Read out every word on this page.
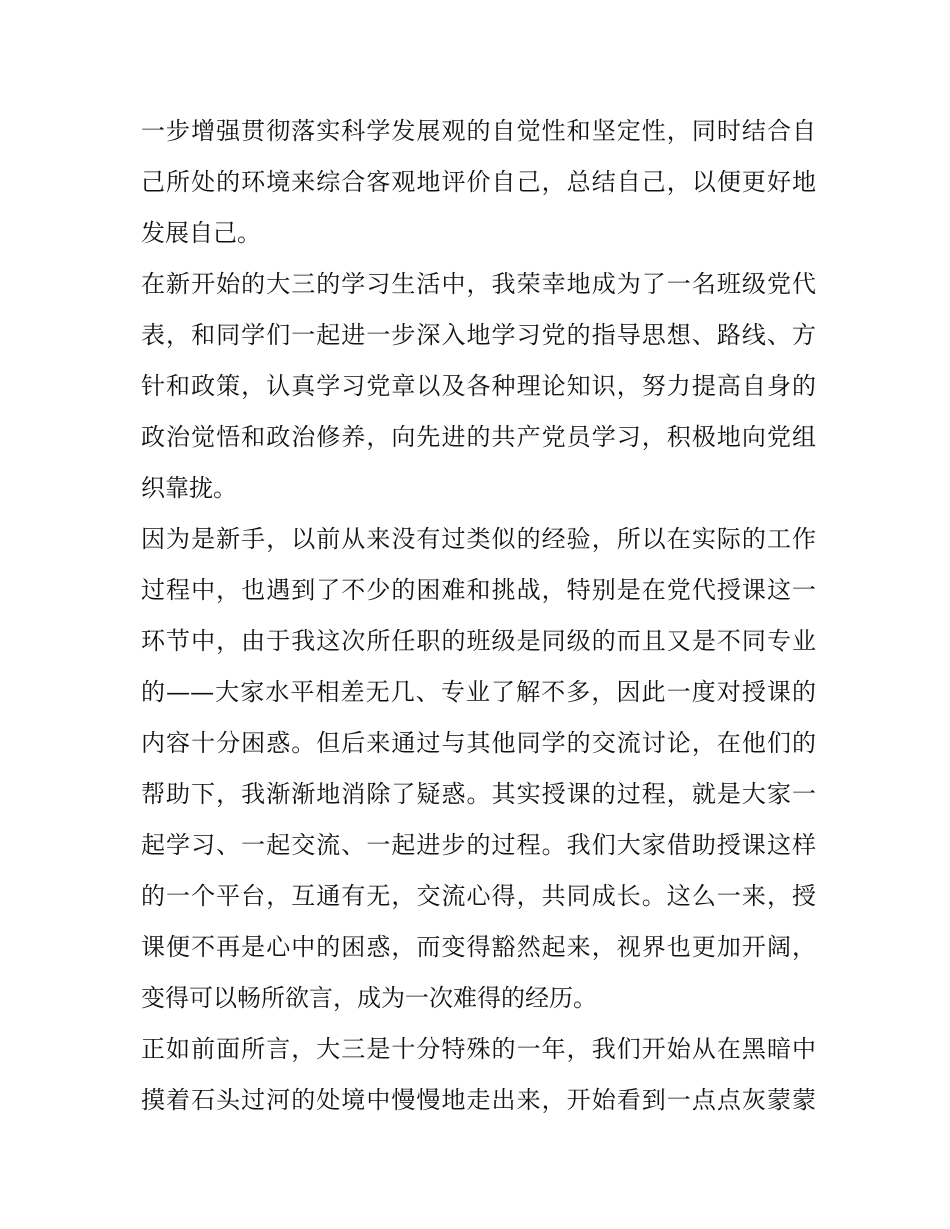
一步增强贯彻落实科学发展观的自觉性和坚定性，同时结合自
己所处的环境来综合客观地评价自己，总结自己，以便更好地
发展自己。
在新开始的大三的学习生活中，我荣幸地成为了一名班级党代
表，和同学们一起进一步深入地学习党的指导思想、路线、方
针和政策，认真学习党章以及各种理论知识，努力提高自身的
政治觉悟和政治修养，向先进的共产党员学习，积极地向党组
织靠拢。
因为是新手，以前从来没有过类似的经验，所以在实际的工作
过程中，也遇到了不少的困难和挑战，特别是在党代授课这一
环节中，由于我这次所任职的班级是同级的而且又是不同专业
的——大家水平相差无几、专业了解不多，因此一度对授课的
内容十分困惑。但后来通过与其他同学的交流讨论，在他们的
帮助下，我渐渐地消除了疑惑。其实授课的过程，就是大家一
起学习、一起交流、一起进步的过程。我们大家借助授课这样
的一个平台，互通有无，交流心得，共同成长。这么一来，授
课便不再是心中的困惑，而变得豁然起来，视界也更加开阔，
变得可以畅所欲言，成为一次难得的经历。
正如前面所言，大三是十分特殊的一年，我们开始从在黑暗中
摸着石头过河的处境中慢慢地走出来，开始看到一点点灰蒙蒙
